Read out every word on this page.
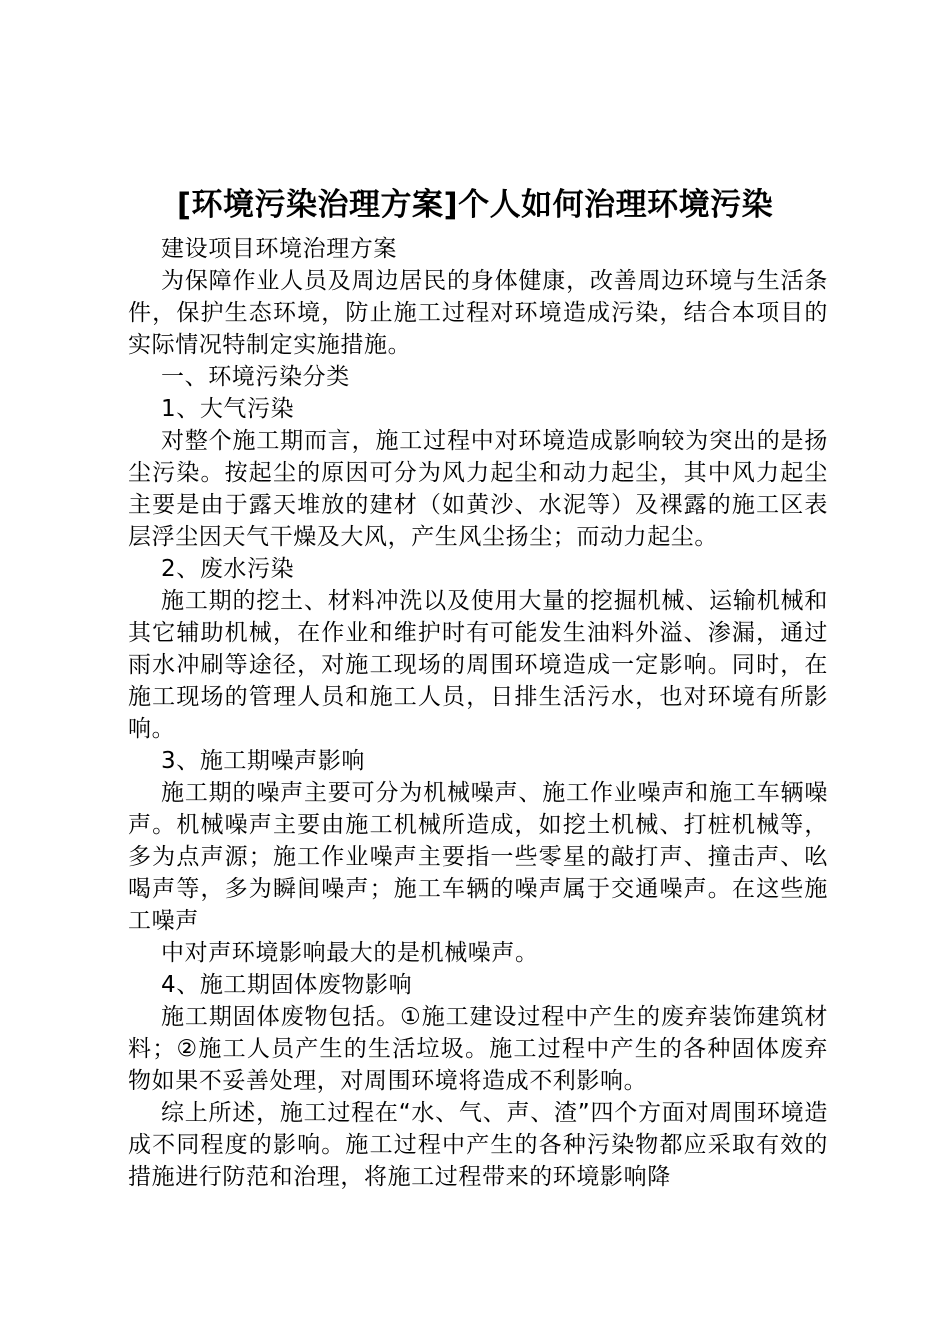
[环境污染治理方案]个人如何治理环境污染

建设项目环境治理方案

为保障作业人员及周边居民的身体健康，改善周边环境与生活条件，保护生态环境，防止施工过程对环境造成污染，结合本项目的实际情况特制定实施措施。

一、环境污染分类

1、大气污染

对整个施工期而言，施工过程中对环境造成影响较为突出的是扬尘污染。按起尘的原因可分为风力起尘和动力起尘，其中风力起尘主要是由于露天堆放的建材（如黄沙、水泥等）及裸露的施工区表层浮尘因天气干燥及大风，产生风尘扬尘；而动力起尘。

2、废水污染

施工期的挖土、材料冲洗以及使用大量的挖掘机械、运输机械和其它辅助机械，在作业和维护时有可能发生油料外溢、渗漏，通过雨水冲刷等途径，对施工现场的周围环境造成一定影响。同时，在施工现场的管理人员和施工人员，日排生活污水，也对环境有所影响。

3、施工期噪声影响

施工期的噪声主要可分为机械噪声、施工作业噪声和施工车辆噪声。机械噪声主要由施工机械所造成，如挖土机械、打桩机械等，多为点声源；施工作业噪声主要指一些零星的敲打声、撞击声、吆喝声等，多为瞬间噪声；施工车辆的噪声属于交通噪声。在这些施工噪声

中对声环境影响最大的是机械噪声。

4、施工期固体废物影响

施工期固体废物包括。①施工建设过程中产生的废弃装饰建筑材料；②施工人员产生的生活垃圾。施工过程中产生的各种固体废弃物如果不妥善处理，对周围环境将造成不利影响。

综上所述，施工过程在“水、气、声、渣”四个方面对周围环境造成不同程度的影响。施工过程中产生的各种污染物都应采取有效的措施进行防范和治理，将施工过程带来的环境影响降
